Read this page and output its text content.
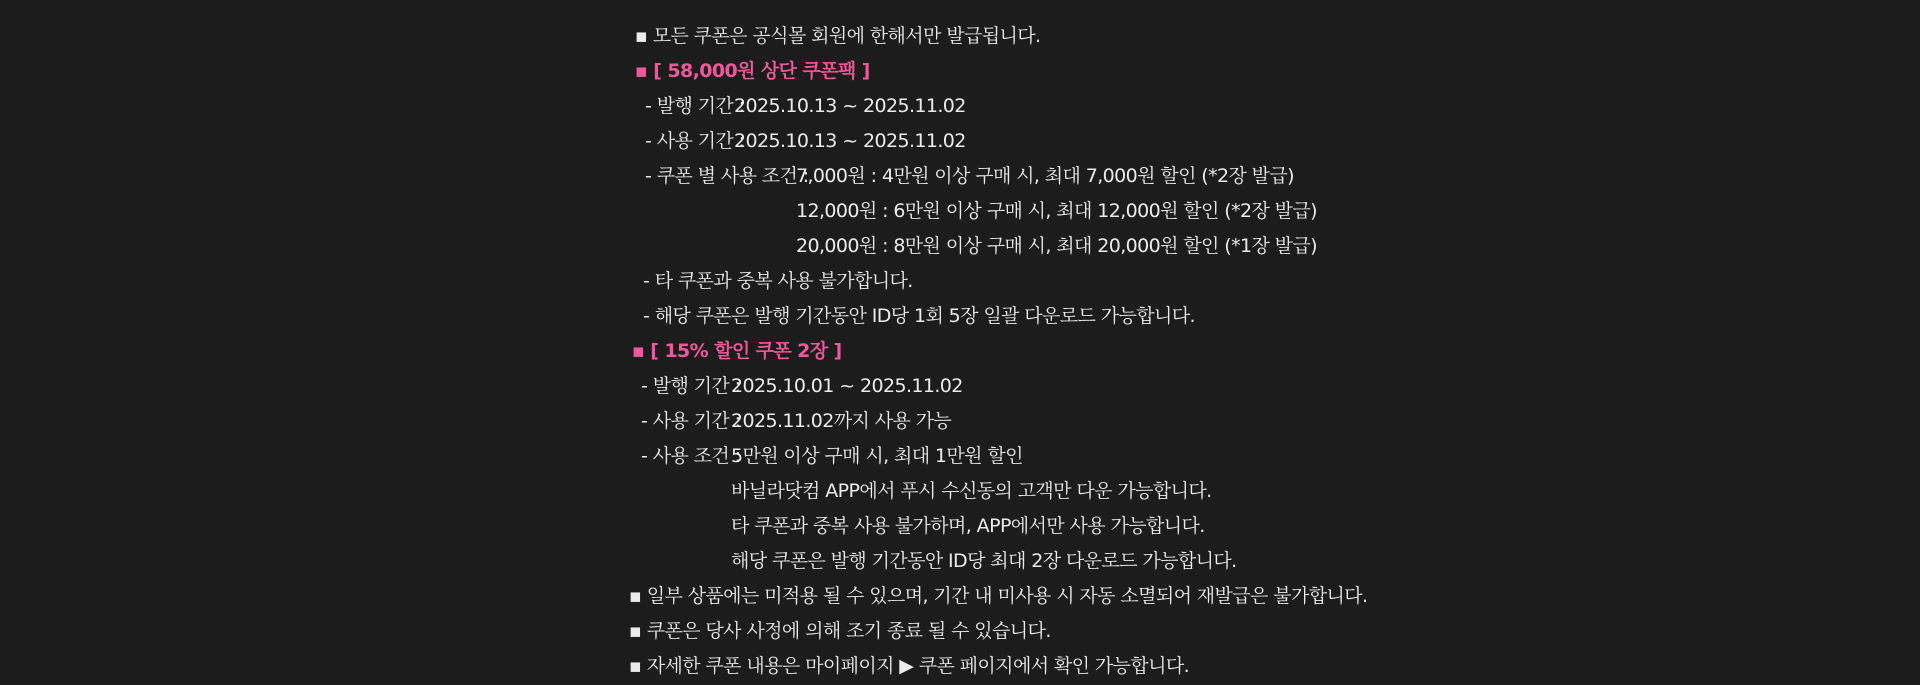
▪ 모든 쿠폰은 공식몰 회원에 한해서만 발급됩니다.
▪ [ 58,000원 상단 쿠폰팩 ]
- 발행 기간 :
2025.10.13 ~ 2025.11.02
- 사용 기간 :
2025.10.13 ~ 2025.11.02
- 쿠폰 별 사용 조건 :
7,000원 : 4만원 이상 구매 시, 최대 7,000원 할인 (*2장 발급)
12,000원 : 6만원 이상 구매 시, 최대 12,000원 할인 (*2장 발급)
20,000원 : 8만원 이상 구매 시, 최대 20,000원 할인 (*1장 발급)
- 타 쿠폰과 중복 사용 불가합니다.
- 해당 쿠폰은 발행 기간동안 ID당 1회 5장 일괄 다운로드 가능합니다.
▪ [ 15% 할인 쿠폰 2장 ]
- 발행 기간 :
2025.10.01 ~ 2025.11.02
- 사용 기간 :
2025.11.02까지 사용 가능
- 사용 조건 :
5만원 이상 구매 시, 최대 1만원 할인
바닐라닷컴 APP에서 푸시 수신동의 고객만 다운 가능합니다.
타 쿠폰과 중복 사용 불가하며, APP에서만 사용 가능합니다.
해당 쿠폰은 발행 기간동안 ID당 최대 2장 다운로드 가능합니다.
▪ 일부 상품에는 미적용 될 수 있으며, 기간 내 미사용 시 자동 소멸되어 재발급은 불가합니다.
▪ 쿠폰은 당사 사정에 의해 조기 종료 될 수 있습니다.
▪ 자세한 쿠폰 내용은 마이페이지 ▶ 쿠폰 페이지에서 확인 가능합니다.
